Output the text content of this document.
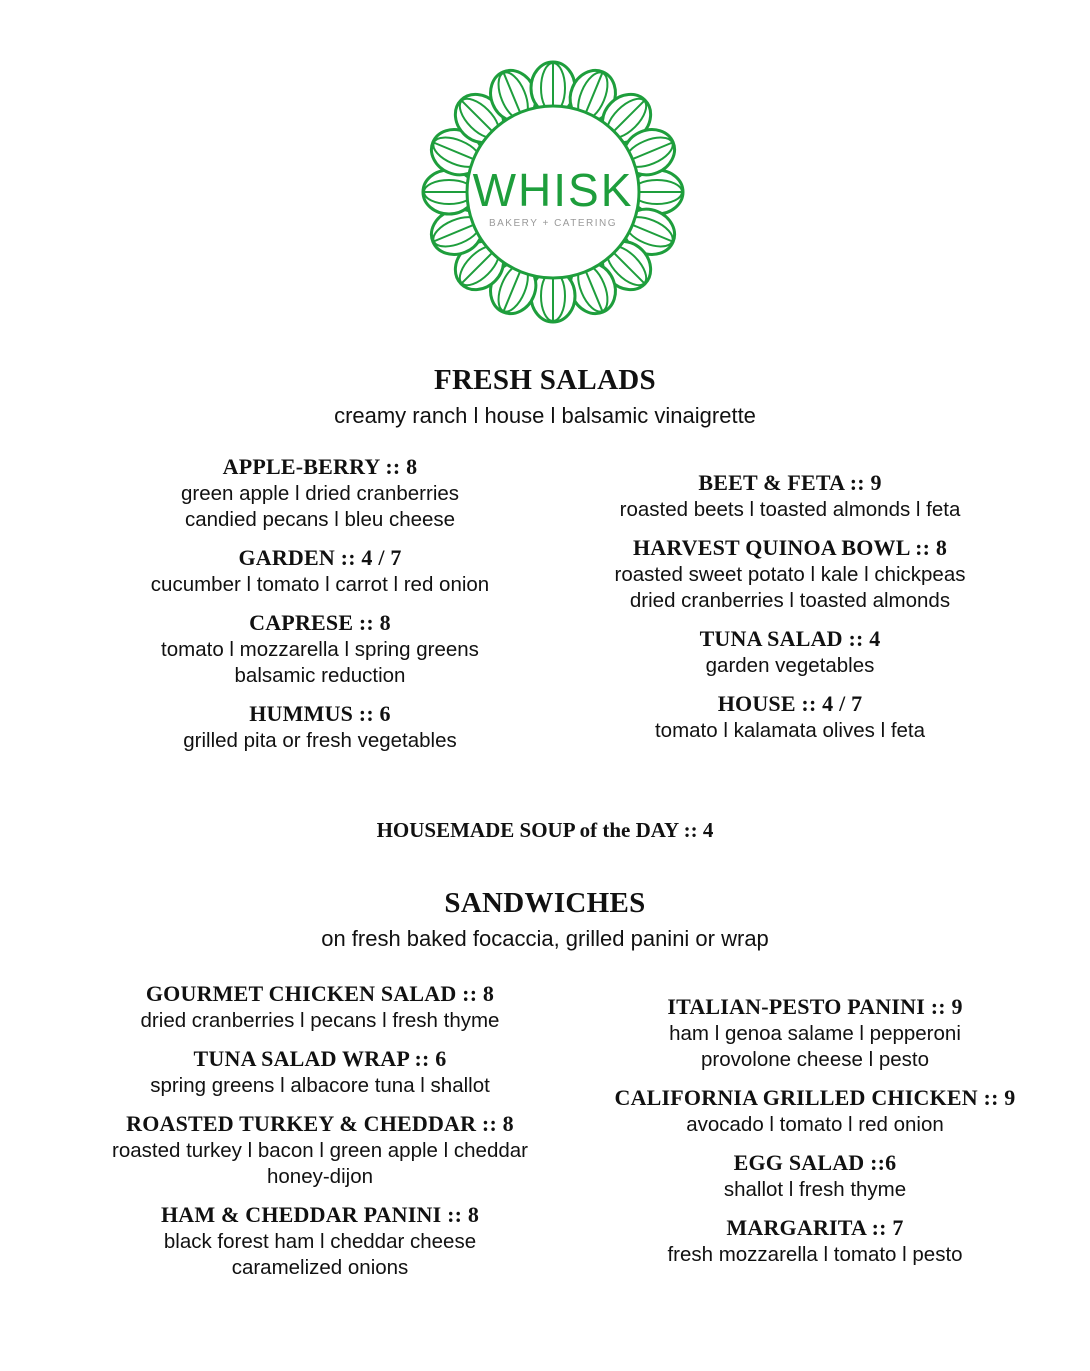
WHISK
BAKERY + CATERING
FRESH SALADS
creamy ranch l house l balsamic vinaigrette
APPLE-BERRY :: 8
green apple l dried cranberries
candied pecans l bleu cheese
GARDEN :: 4 / 7
cucumber l tomato l carrot l red onion
CAPRESE :: 8
tomato l mozzarella l spring greens
balsamic reduction
HUMMUS :: 6
grilled pita or fresh vegetables
BEET & FETA :: 9
roasted beets l toasted almonds l feta
HARVEST QUINOA BOWL :: 8
roasted sweet potato l kale l chickpeas
dried cranberries l toasted almonds
TUNA SALAD :: 4
garden vegetables
HOUSE :: 4 / 7
tomato l kalamata olives l feta
HOUSEMADE SOUP of the DAY :: 4
SANDWICHES
on fresh baked focaccia, grilled panini or wrap
GOURMET CHICKEN SALAD :: 8
dried cranberries l pecans l fresh thyme
TUNA SALAD WRAP :: 6
spring greens l albacore tuna l shallot
ROASTED TURKEY & CHEDDAR :: 8
roasted turkey l bacon l green apple l cheddar
honey-dijon
HAM & CHEDDAR PANINI :: 8
black forest ham l cheddar cheese
caramelized onions
ITALIAN-PESTO PANINI :: 9
ham l genoa salame l pepperoni
provolone cheese l pesto
CALIFORNIA GRILLED CHICKEN :: 9
avocado l tomato l red onion
EGG SALAD ::6
shallot l fresh thyme
MARGARITA :: 7
fresh mozzarella l tomato l pesto
